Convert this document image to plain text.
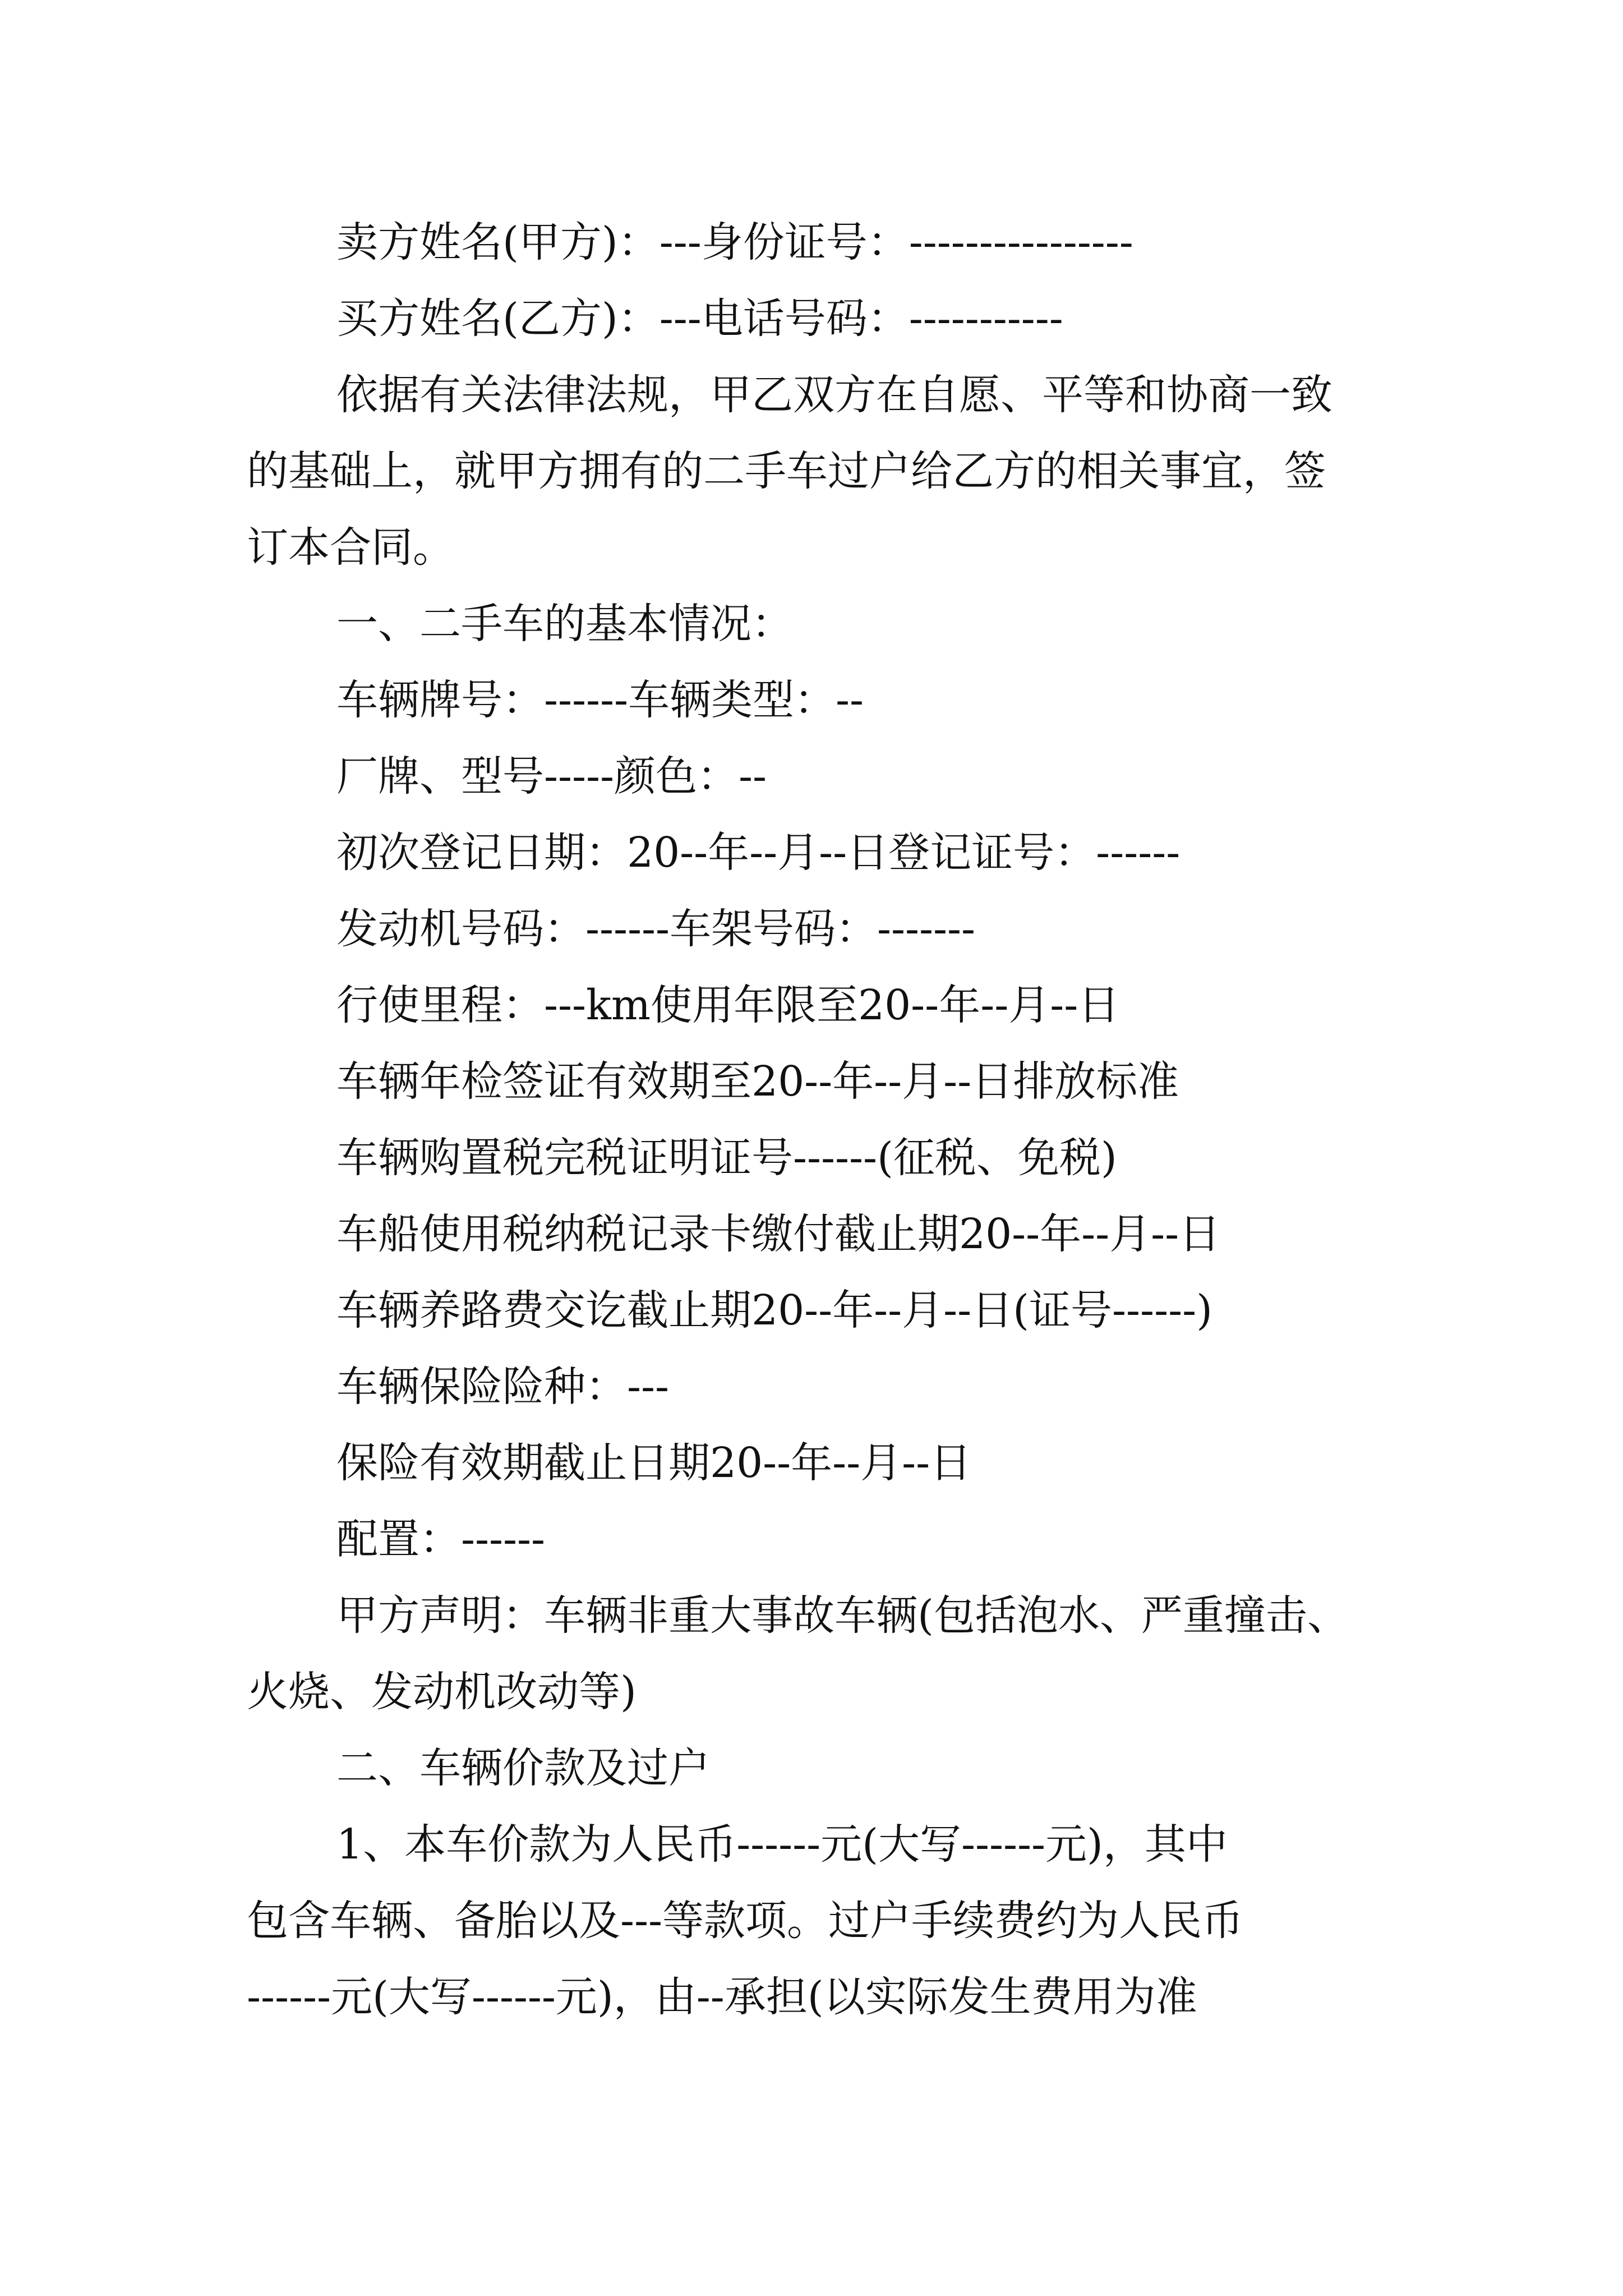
卖方姓名(甲方)：---身份证号：----------------
买方姓名(乙方)：---电话号码：-----------
依据有关法律法规，甲乙双方在自愿、平等和协商一致
的基础上，就甲方拥有的二手车过户给乙方的相关事宜，签
订本合同。
一、二手车的基本情况：
车辆牌号：------车辆类型：--
厂牌、型号-----颜色：--
初次登记日期：20--年--月--日登记证号：------
发动机号码：------车架号码：-------
行使里程：---km使用年限至20--年--月--日
车辆年检签证有效期至20--年--月--日排放标准
车辆购置税完税证明证号------(征税、免税)
车船使用税纳税记录卡缴付截止期20--年--月--日
车辆养路费交讫截止期20--年--月--日(证号------)
车辆保险险种：---
保险有效期截止日期20--年--月--日
配置：------
甲方声明：车辆非重大事故车辆(包括泡水、严重撞击、
火烧、发动机改动等)
二、车辆价款及过户
1、本车价款为人民币------元(大写------元)，其中
包含车辆、备胎以及---等款项。过户手续费约为人民币
------元(大写------元)，由--承担(以实际发生费用为准
